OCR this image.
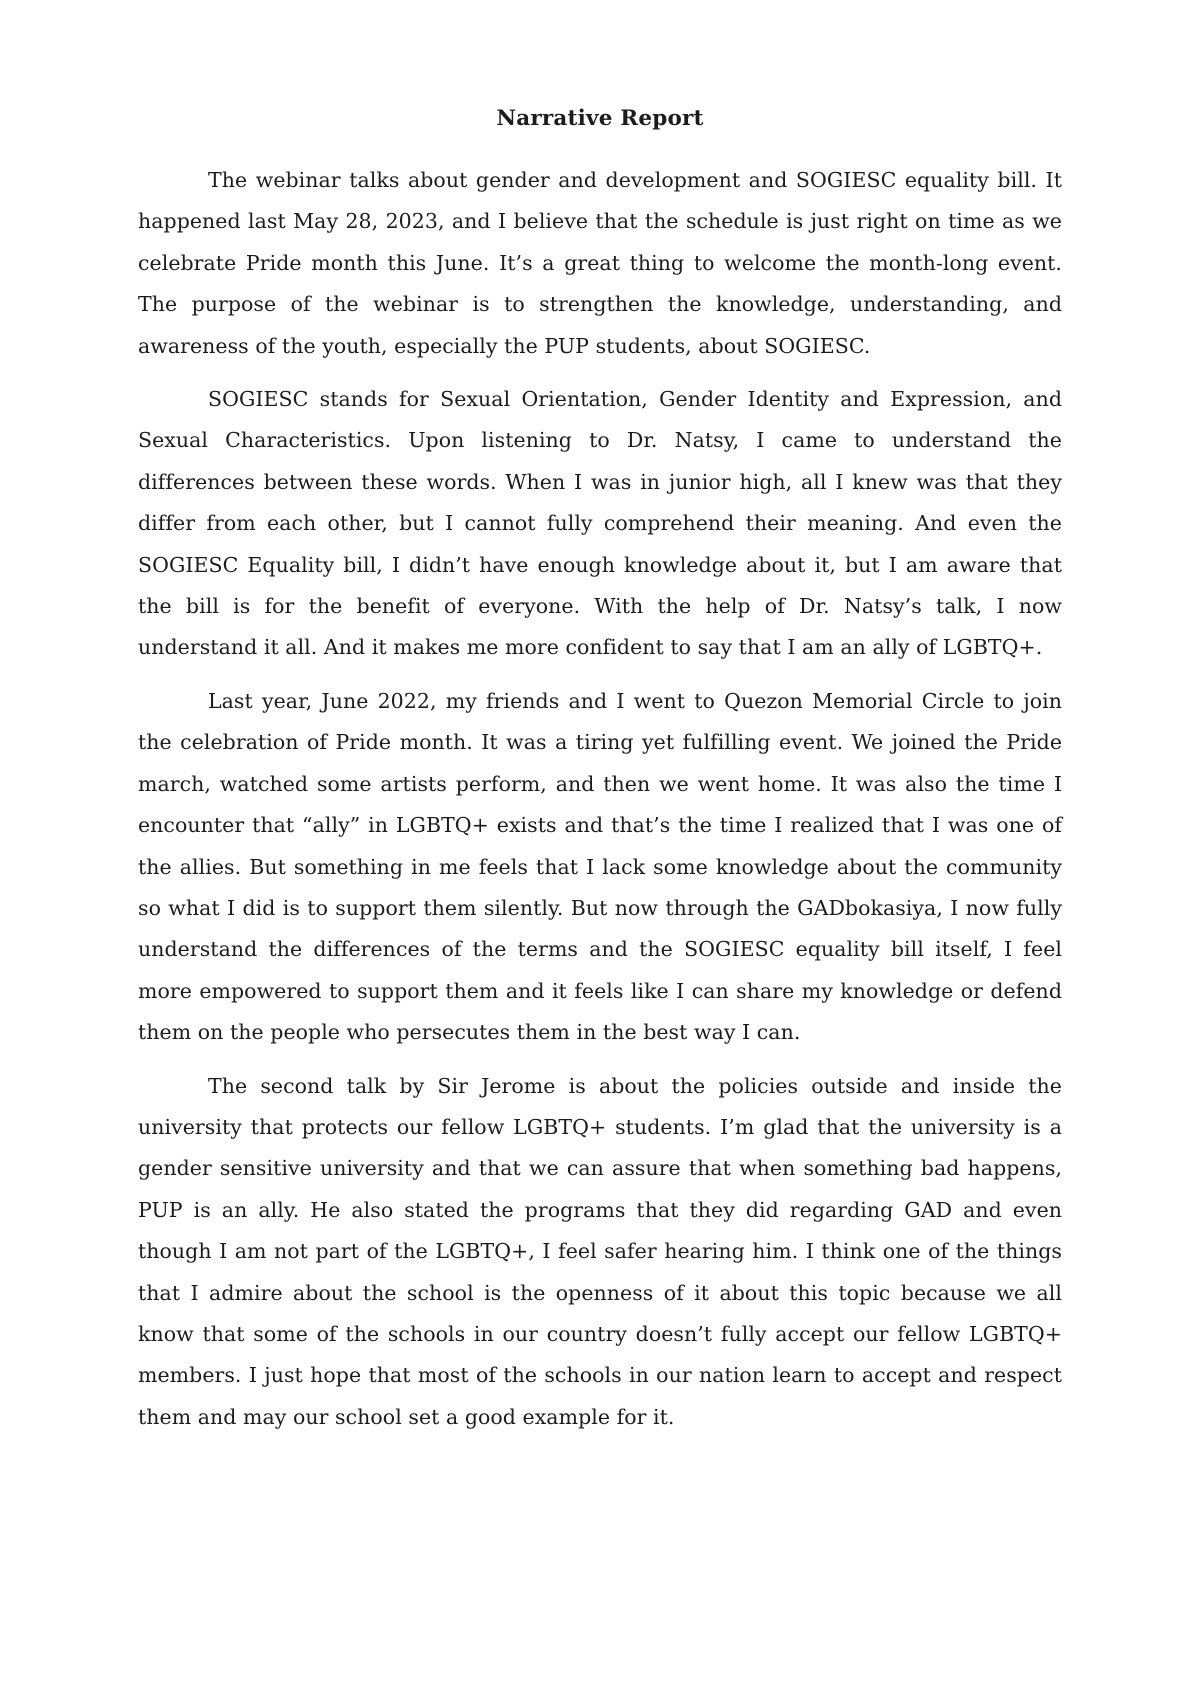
Narrative Report

The webinar talks about gender and development and SOGIESC equality bill. It happened last May 28, 2023, and I believe that the schedule is just right on time as we celebrate Pride month this June. It’s a great thing to welcome the month-long event. The purpose of the webinar is to strengthen the knowledge, understanding, and awareness of the youth, especially the PUP students, about SOGIESC.

SOGIESC stands for Sexual Orientation, Gender Identity and Expression, and Sexual Characteristics. Upon listening to Dr. Natsy, I came to understand the differences between these words. When I was in junior high, all I knew was that they differ from each other, but I cannot fully comprehend their meaning. And even the SOGIESC Equality bill, I didn’t have enough knowledge about it, but I am aware that the bill is for the benefit of everyone. With the help of Dr. Natsy’s talk, I now understand it all. And it makes me more confident to say that I am an ally of LGBTQ+.

Last year, June 2022, my friends and I went to Quezon Memorial Circle to join the celebration of Pride month. It was a tiring yet fulfilling event. We joined the Pride march, watched some artists perform, and then we went home. It was also the time I encounter that “ally” in LGBTQ+ exists and that’s the time I realized that I was one of the allies. But something in me feels that I lack some knowledge about the community so what I did is to support them silently. But now through the GADbokasiya, I now fully understand the differences of the terms and the SOGIESC equality bill itself, I feel more empowered to support them and it feels like I can share my knowledge or defend them on the people who persecutes them in the best way I can.

The second talk by Sir Jerome is about the policies outside and inside the university that protects our fellow LGBTQ+ students. I’m glad that the university is a gender sensitive university and that we can assure that when something bad happens, PUP is an ally. He also stated the programs that they did regarding GAD and even though I am not part of the LGBTQ+, I feel safer hearing him. I think one of the things that I admire about the school is the openness of it about this topic because we all know that some of the schools in our country doesn’t fully accept our fellow LGBTQ+ members. I just hope that most of the schools in our nation learn to accept and respect them and may our school set a good example for it.
